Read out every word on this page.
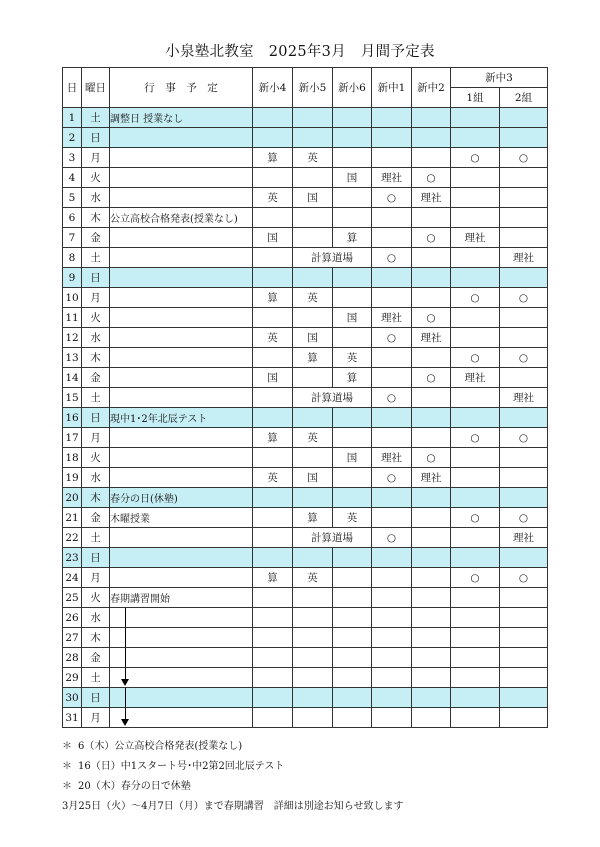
小泉塾北教室　2025年3月　月間予定表
日	曜日	行　事　予　定	新小4	新小5	新小6	新中1	新中2	新中3	
								1組	2組
1	土	調整日 授業なし							
2	日								
3	月		算	英				○	○
4	火				国	理社	○		
5	水		英	国		○	理社		
6	木	公立高校合格発表(授業なし)							
7	金		国		算		○	理社	
8	土			計算道場		○			理社
9	日								
10	月		算	英				○	○
11	火				国	理社	○		
12	水		英	国		○	理社		
13	木			算	英			○	○
14	金		国		算		○	理社	
15	土			計算道場		○			理社
16	日	現中1･2年北辰テスト							
17	月		算	英				○	○
18	火				国	理社	○		
19	水		英	国		○	理社		
20	木	春分の日(休塾)							
21	金	木曜授業		算	英			○	○
22	土			計算道場		○			理社
23	日								
24	月		算	英				○	○
25	火	春期講習開始							
26	水	

27	木	

28	金	

29	土	

30	日	

31	月	

＊ 6（木）公立高校合格発表(授業なし)
＊ 16（日）中1スタート号･中2第2回北辰テスト
＊ 20（木）春分の日で休塾
3月25日（火）～4月7日（月）まで春期講習　詳細は別途お知らせ致します
